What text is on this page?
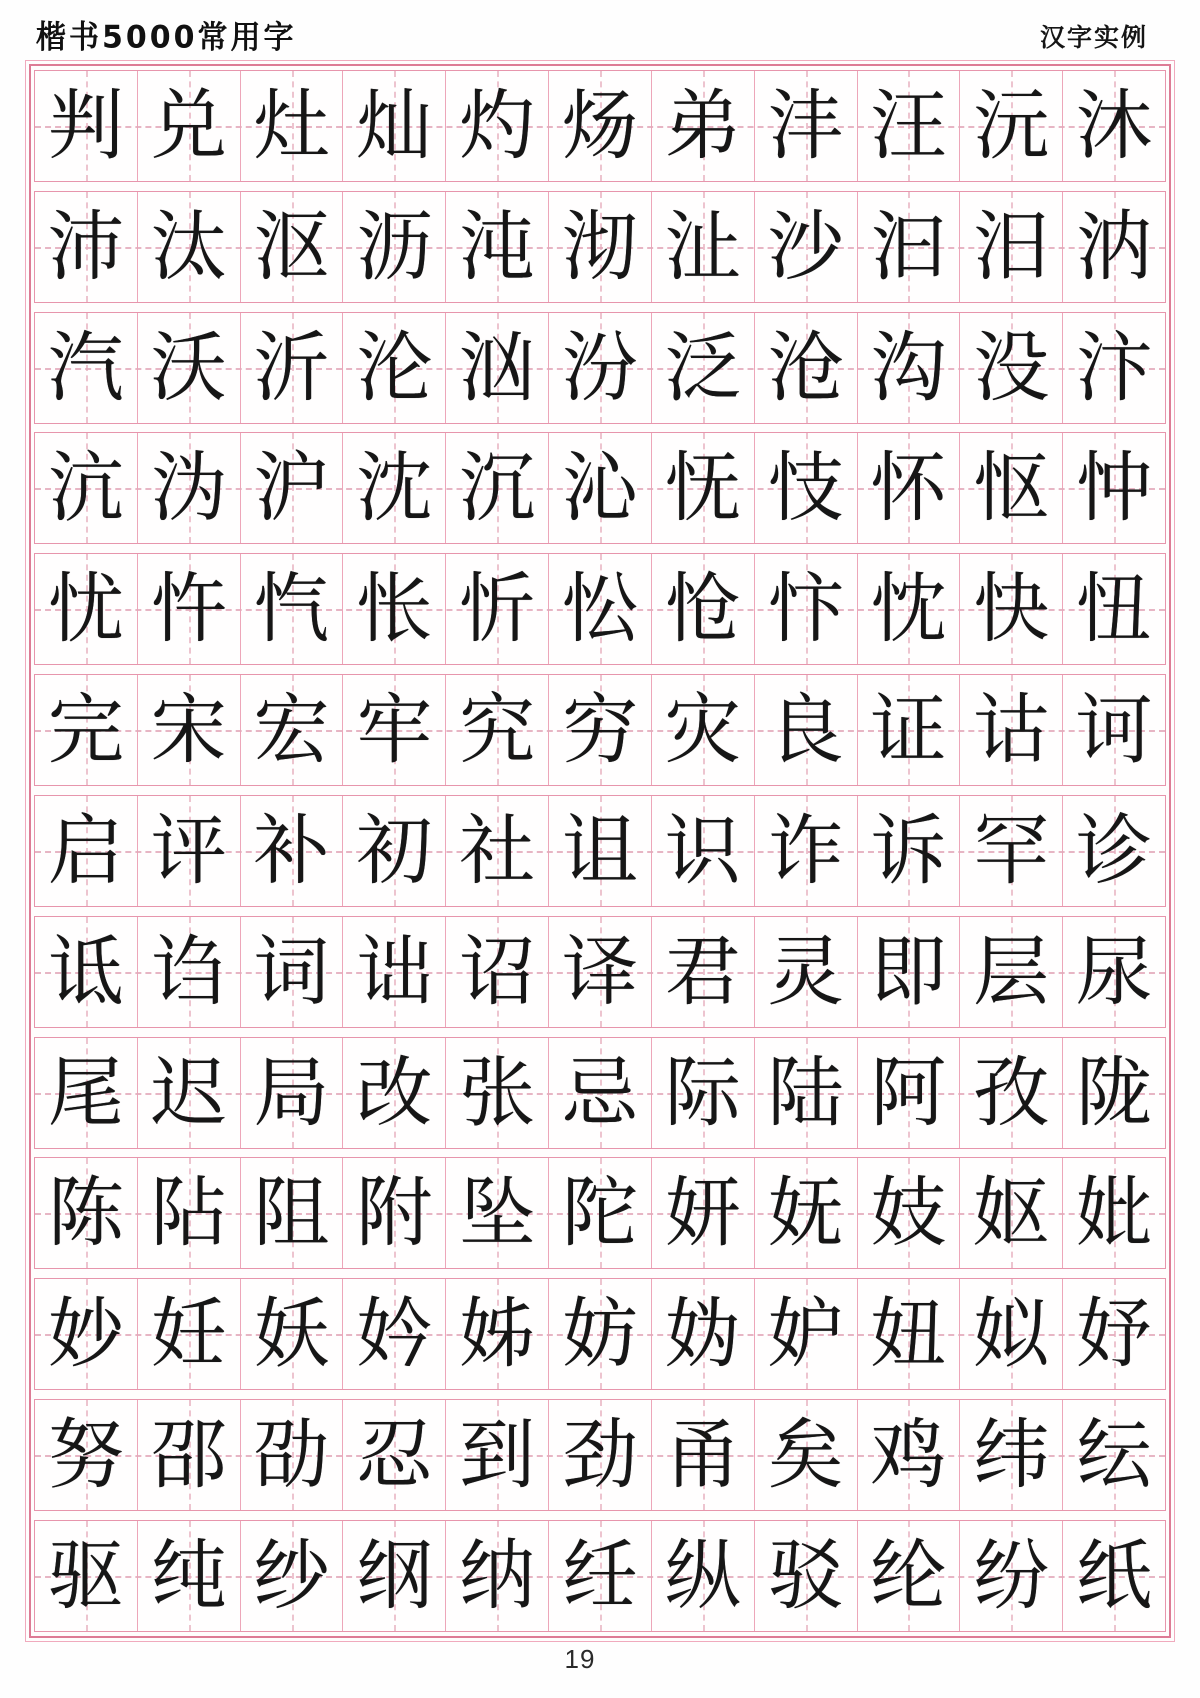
楷书5000常用字	汉字实例
判 兑 灶 灿 灼 炀 弟 沣 汪 沅 沐
沛 汰 沤 沥 沌 沏 沚 沙 汩 汨 汭
汽 沃 沂 沦 汹 汾 泛 沧 沟 没 汴
沆 沩 沪 沈 沉 沁 怃 忮 怀 怄 忡
忧 忤 忾 怅 忻 忪 怆 忭 忱 快 忸
完 宋 宏 牢 究 穷 灾 良 证 诂 诃
启 评 补 初 社 诅 识 诈 诉 罕 诊
诋 诌 词 诎 诏 译 君 灵 即 层 尿
尾 迟 局 改 张 忌 际 陆 阿 孜 陇
陈 阽 阻 附 坠 陀 妍 妩 妓 妪 妣
妙 妊 妖 妗 姊 妨 妫 妒 妞 姒 妤
努 邵 劭 忍 到 劲 甬 矣 鸡 纬 纭
驱 纯 纱 纲 纳 纴 纵 驳 纶 纷 纸
19
